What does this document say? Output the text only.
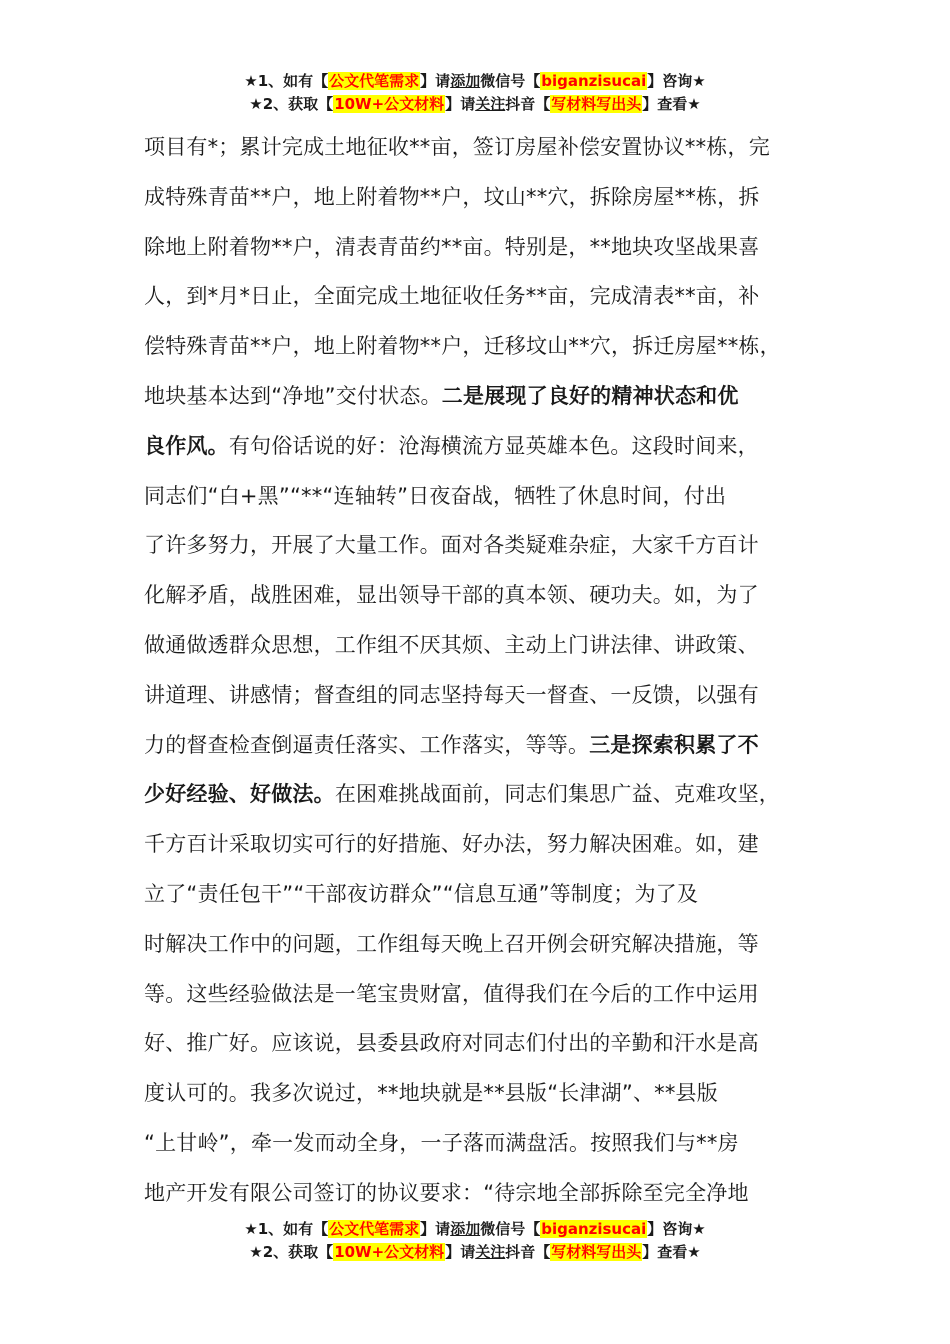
★1、如有【公文代笔需求】请添加微信号【biganzisucai】咨询★
★2、获取【10W+公文材料】请关注抖音【写材料写出头】查看★
项目有*；累计完成土地征收**亩，签订房屋补偿安置协议**栋，完
成特殊青苗**户，地上附着物**户，坟山**穴，拆除房屋**栋，拆
除地上附着物**户，清表青苗约**亩。特别是，**地块攻坚战果喜
人，到*月*日止，全面完成土地征收任务**亩，完成清表**亩，补
偿特殊青苗**户，地上附着物**户，迁移坟山**穴，拆迁房屋**栋，
地块基本达到“净地”交付状态。二是展现了良好的精神状态和优
良作风。有句俗话说的好：沧海横流方显英雄本色。这段时间来，
同志们“白+黑”“**“连轴转”日夜奋战，牺牲了休息时间，付出
了许多努力，开展了大量工作。面对各类疑难杂症，大家千方百计
化解矛盾，战胜困难，显出领导干部的真本领、硬功夫。如，为了
做通做透群众思想，工作组不厌其烦、主动上门讲法律、讲政策、
讲道理、讲感情；督查组的同志坚持每天一督查、一反馈，以强有
力的督查检查倒逼责任落实、工作落实，等等。三是探索积累了不
少好经验、好做法。在困难挑战面前，同志们集思广益、克难攻坚，
千方百计采取切实可行的好措施、好办法，努力解决困难。如，建
立了“责任包干”“干部夜访群众”“信息互通”等制度；为了及
时解决工作中的问题，工作组每天晚上召开例会研究解决措施，等
等。这些经验做法是一笔宝贵财富，值得我们在今后的工作中运用
好、推广好。应该说，县委县政府对同志们付出的辛勤和汗水是高
度认可的。我多次说过，**地块就是**县版“长津湖”、**县版
“上甘岭”，牵一发而动全身，一子落而满盘活。按照我们与**房
地产开发有限公司签订的协议要求：“待宗地全部拆除至完全净地
★1、如有【公文代笔需求】请添加微信号【biganzisucai】咨询★
★2、获取【10W+公文材料】请关注抖音【写材料写出头】查看★
